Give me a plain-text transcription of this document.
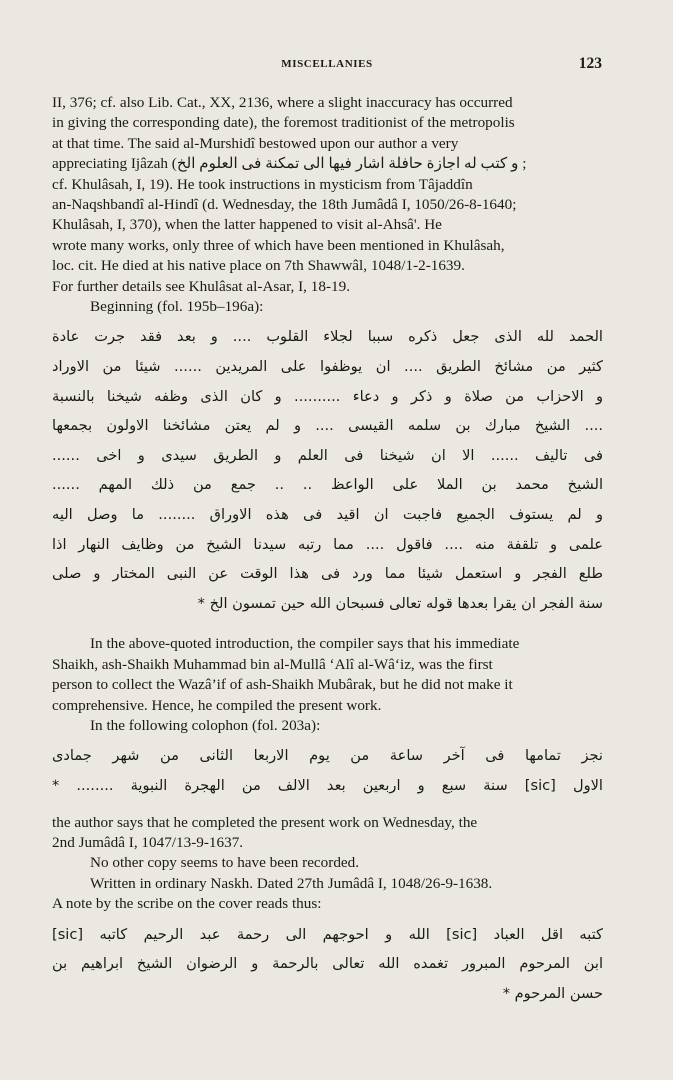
MISCELLANIES	123

II, 376; cf. also Lib. Cat., XX, 2136, where a slight inaccuracy has occurred

in giving the corresponding date), the foremost traditionist of the metropolis

at that time. The said al-Murshidî bestowed upon our author a very

appreciating Ijâzah (و كتب له اجازة حافلة اشار فيها الى تمكنة فى العلوم الخ ;

cf. Khulâsah, I, 19). He took instructions in mysticism from Tâjaddîn

an-Naqshbandî al-Hindî (d. Wednesday, the 18th Jumâdâ I, 1050/26-8-1640;

Khulâsah, I, 370), when the latter happened to visit al-Ahsâ'. He

wrote many works, only three of which have been mentioned in Khulâsah,

loc. cit. He died at his native place on 7th Shawwâl, 1048/1-2-1639.

For further details see Khulâsat al-Asar, I, 18-19.

Beginning (fol. 195b–196a):

الحمد لله الذى جعل ذكره سببا لجلاء القلوب .... و بعد فقد جرت عادة

كثير من مشائخ الطريق .... ان يوظفوا على المريدين ...... شيئا من الاوراد

و الاحزاب من صلاة و ذكر و دعاء .......... و كان الذى وظفه شيخنا بالنسبة

.... الشيخ مبارك بن سلمه القيسى .... و لم يعتن مشائخنا الاولون بجمعها

فى تاليف ...... الا ان شيخنا فى العلم و الطريق سيدى و اخى ......

الشيخ محمد بن الملا على الواعظ .. .. جمع من ذلك المهم ......

و لم يستوف الجميع فاجبت ان اقيد فى هذه الاوراق ........ ما وصل اليه

علمى و تلقفة منه .... فاقول .... مما رتبه سيدنا الشيخ من وظايف النهار اذا

طلع الفجر و استعمل شيئا مما ورد فى هذا الوقت عن النبى المختار و صلى

سنة الفجر ان يقرا بعدها قوله تعالى فسبحان الله حين تمسون الخ *

In the above-quoted introduction, the compiler says that his immediate

Shaikh, ash-Shaikh Muhammad bin al-Mullâ ‘Alî al-Wâ‘iz, was the first

person to collect the Wazâ’if of ash-Shaikh Mubârak, but he did not make it

comprehensive. Hence, he compiled the present work.

In the following colophon (fol. 203a):

نجز تمامها فى آخر ساعة من يوم الاربعا الثانى من شهر جمادى

الاول [sic] سنة سبع و اربعين بعد الالف من الهجرة النبوية ........ *

the author says that he completed the present work on Wednesday, the

2nd Jumâdâ I, 1047/13-9-1637.

No other copy seems to have been recorded.

Written in ordinary Naskh. Dated 27th Jumâdâ I, 1048/26-9-1638.

A note by the scribe on the cover reads thus:

كتبه اقل العباد [sic] الله و احوجهم الى رحمة عبد الرحيم كاتبه [sic]

ابن المرحوم المبرور تغمده الله تعالى بالرحمة و الرضوان الشيخ ابراهيم بن

حسن المرحوم *
